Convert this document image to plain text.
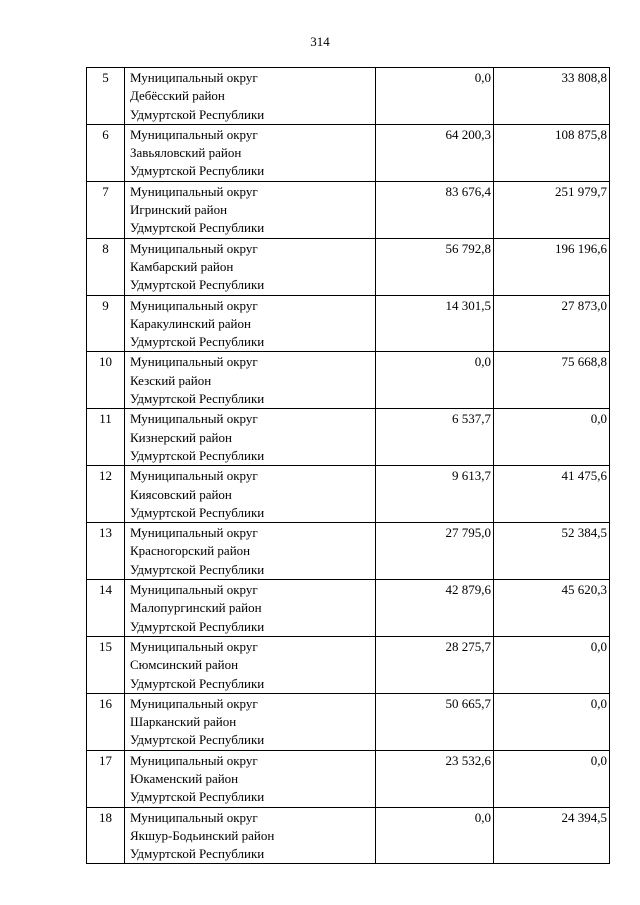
314
5	Муниципальный округ
Дебёсский район
Удмуртской Республики	0,0	33 808,8
6	Муниципальный округ
Завьяловский район
Удмуртской Республики	64 200,3	108 875,8
7	Муниципальный округ
Игринский район
Удмуртской Республики	83 676,4	251 979,7
8	Муниципальный округ
Камбарский район
Удмуртской Республики	56 792,8	196 196,6
9	Муниципальный округ
Каракулинский район
Удмуртской Республики	14 301,5	27 873,0
10	Муниципальный округ
Кезский район
Удмуртской Республики	0,0	75 668,8
11	Муниципальный округ
Кизнерский район
Удмуртской Республики	6 537,7	0,0
12	Муниципальный округ
Киясовский район
Удмуртской Республики	9 613,7	41 475,6
13	Муниципальный округ
Красногорский район
Удмуртской Республики	27 795,0	52 384,5
14	Муниципальный округ
Малопургинский район
Удмуртской Республики	42 879,6	45 620,3
15	Муниципальный округ
Сюмсинский район
Удмуртской Республики	28 275,7	0,0
16	Муниципальный округ
Шарканский район
Удмуртской Республики	50 665,7	0,0
17	Муниципальный округ
Юкаменский район
Удмуртской Республики	23 532,6	0,0
18	Муниципальный округ
Якшур-Бодьинский район
Удмуртской Республики	0,0	24 394,5
